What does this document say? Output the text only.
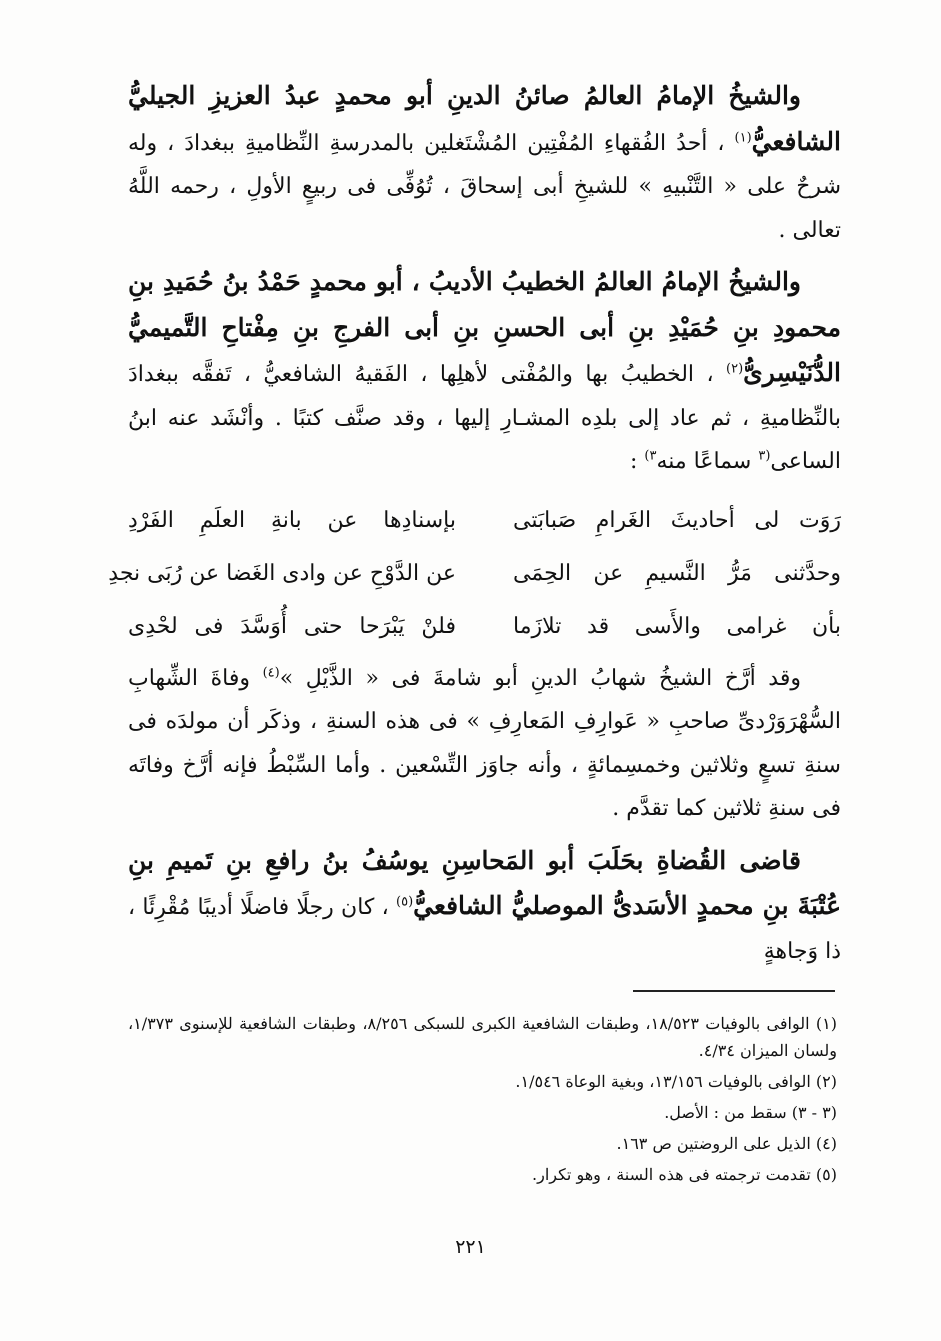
والشيخُ الإمامُ العالمُ صائنُ الدينِ أبو محمدٍ عبدُ العزيزِ الجيليُّ الشافعيُّ$^{(١)}$ ، أحدُ الفُقهاءِ المُفْتِين المُشْتَغلين بالمدرسةِ النِّظاميةِ ببغدادَ ، وله شرحٌ على « التَّنْبيهِ » للشيخِ أبى إسحاقَ ، تُوُفِّى فى ربيعٍ الأولِ ، رحمه اللَّهُ تعالى .

والشيخُ الإمامُ العالمُ الخطيبُ الأديبُ ، أبو محمدٍ حَمْدُ بنُ حُمَيدِ بنِ محمودِ بنِ حُمَيْدِ بنِ أبى الحسنِ بنِ أبى الفرجِ بنِ مِفْتاحِ التَّميميُّ الدُّنَيْسِرىُّ$^{(٢)}$ ، الخطيبُ بها والمُفْتى لأهلِها ، الفَقيهُ الشافعيُّ ، تَفقَّه ببغدادَ بالنِّظاميةِ ، ثم عاد إلى بلدِه المشـارِ إليها ، وقد صنَّف كتبًا . وأنْشَد عنه ابنُ الساعى$^{(٣}$ سماعًا منه$^{٣)}$ :

رَوَت لى أحاديثَ الغَرامِ صَبابَتى
بإسنادِها عن بانةِ العلَمِ الفَرْدِ
وحدَّثنى مَرُّ النَّسيمِ عن الحِمَى
عن الدَّوْحِ عن وادى الغَضا عن رُبَى نجدِ
بأن غرامى والأَسى قد تلازَما
فلنْ يَبْرَحا حتى أُوَسَّدَ فى لحْدِى

وقد أرَّخ الشيخُ شهابُ الدينِ أبو شامةَ فى « الذَّيْلِ »$^{(٤)}$ وفاةَ الشِّهابِ السُّهْرَوَرْدىِّ صاحبِ « عَوارِفِ المَعارِفِ » فى هذه السنةِ ، وذكَر أن مولدَه فى سنةِ تسعٍ وثلاثين وخمسِمائةٍ ، وأنه جاوَز التِّسْعين . وأما السِّبْطُ فإنه أرَّخ وفاتَه فى سنةِ ثلاثين كما تقدَّم .

قاضى القُضاةِ بحَلَبَ أبو المَحاسِنِ يوسُفُ بنُ رافعِ بنِ تَميمِ بنِ عُتْبَةَ بنِ محمدٍ الأسَدىُّ الموصليُّ الشافعيُّ$^{(٥)}$ ، كان رجلًا فاضلًا أديبًا مُقْرِئًا ، ذا وَجاهةٍ

(١) الوافى بالوفيات ١٨/٥٢٣، وطبقات الشافعية الكبرى للسبكى ٨/٢٥٦، وطبقات الشافعية للإسنوى ١/٣٧٣، ولسان الميزان ٤/٣٤.

(٢) الوافى بالوفيات ١٣/١٥٦، وبغية الوعاة ١/٥٤٦.

(٣ - ٣) سقط من : الأصل.

(٤) الذيل على الروضتين ص ١٦٣.

(٥) تقدمت ترجمته فى هذه السنة ، وهو تكرار.

٢٢١
